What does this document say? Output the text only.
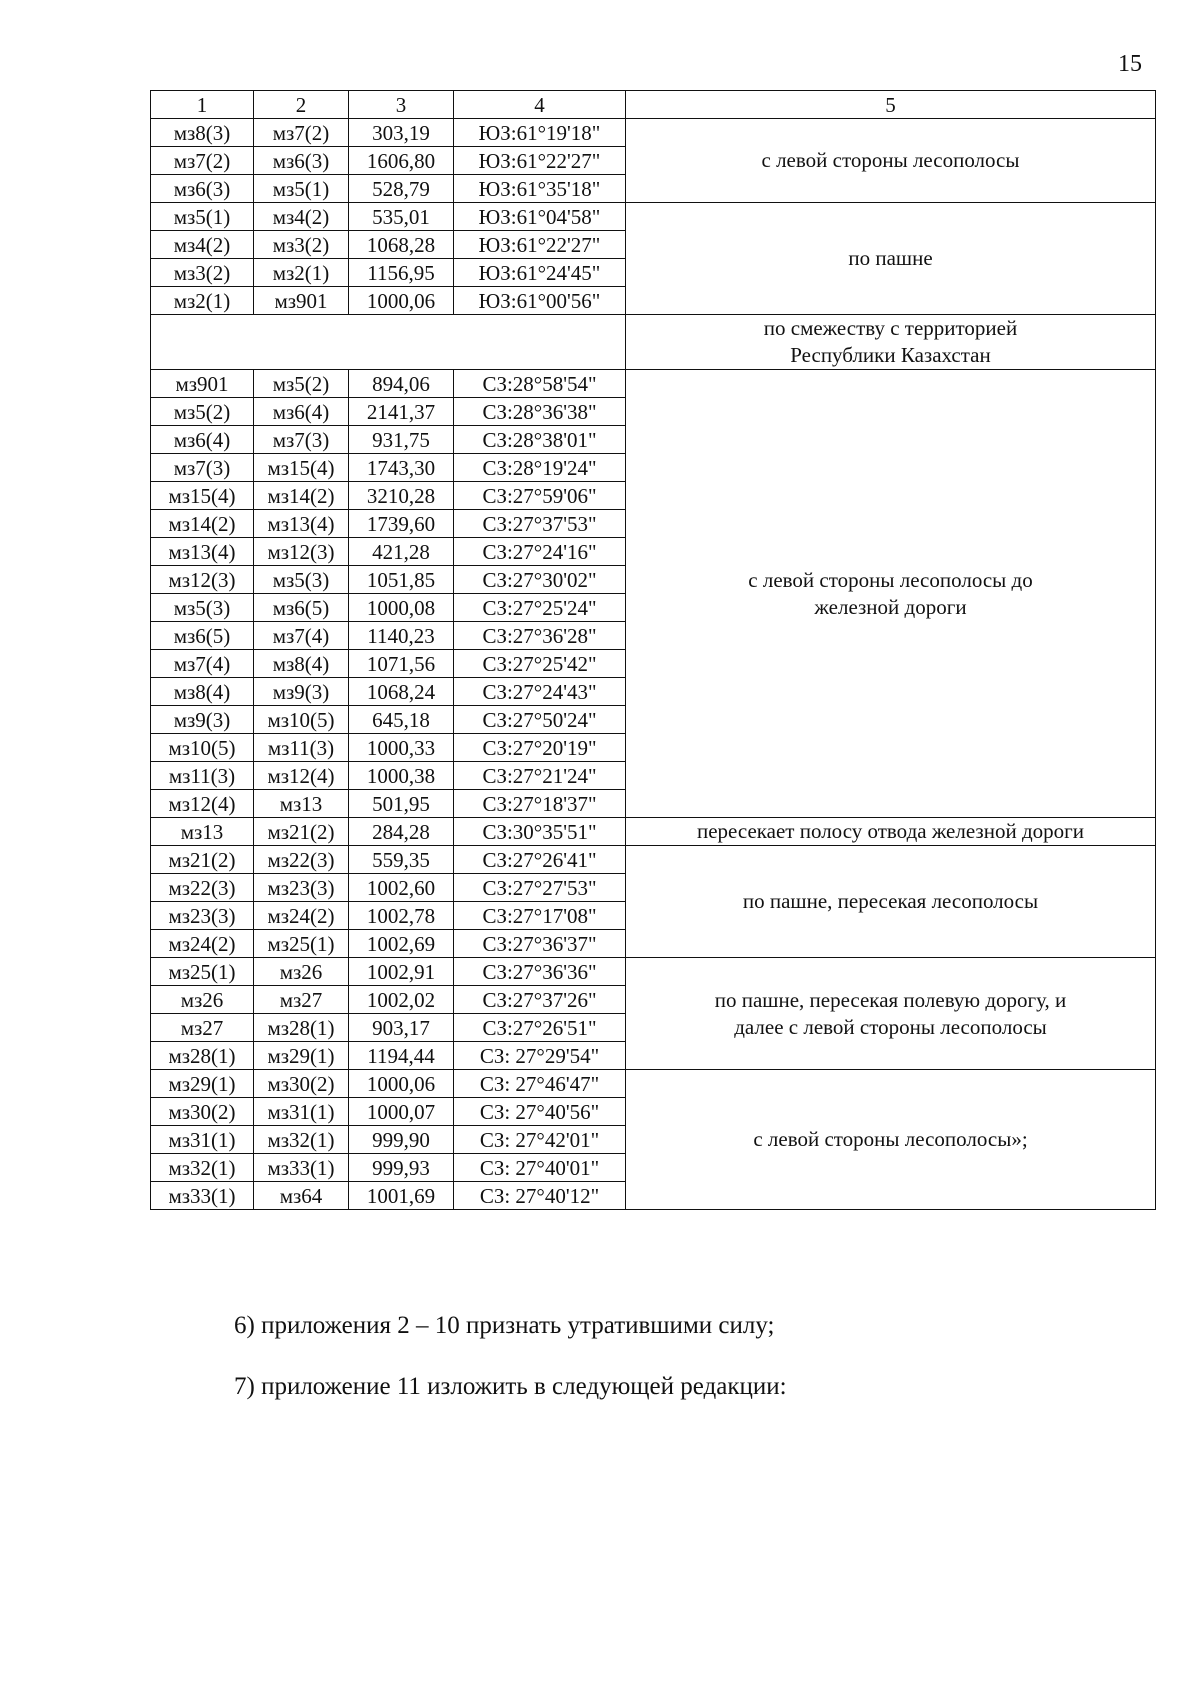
15
1	2	3	4	5
мз8(3)	мз7(2)	303,19	ЮЗ:61°19'18"	с левой стороны лесополосы

мз7(2)	мз6(3)	1606,80	ЮЗ:61°22'27"	
мз6(3)	мз5(1)	528,79	ЮЗ:61°35'18"	
мз5(1)	мз4(2)	535,01	ЮЗ:61°04'58"	по пашне

мз4(2)	мз3(2)	1068,28	ЮЗ:61°22'27"	
мз3(2)	мз2(1)	1156,95	ЮЗ:61°24'45"	
мз2(1)	мз901	1000,06	ЮЗ:61°00'56"	

				по смежеству с территорией
Республики Казахстан

мз901	мз5(2)	894,06	СЗ:28°58'54"	с левой стороны лесополосы до
железной дороги

мз5(2)	мз6(4)	2141,37	СЗ:28°36'38"	
мз6(4)	мз7(3)	931,75	СЗ:28°38'01"	
мз7(3)	мз15(4)	1743,30	СЗ:28°19'24"	
мз15(4)	мз14(2)	3210,28	СЗ:27°59'06"	
мз14(2)	мз13(4)	1739,60	СЗ:27°37'53"	
мз13(4)	мз12(3)	421,28	СЗ:27°24'16"	
мз12(3)	мз5(3)	1051,85	СЗ:27°30'02"	
мз5(3)	мз6(5)	1000,08	СЗ:27°25'24"	
мз6(5)	мз7(4)	1140,23	СЗ:27°36'28"	
мз7(4)	мз8(4)	1071,56	СЗ:27°25'42"	
мз8(4)	мз9(3)	1068,24	СЗ:27°24'43"	
мз9(3)	мз10(5)	645,18	СЗ:27°50'24"	
мз10(5)	мз11(3)	1000,33	СЗ:27°20'19"	
мз11(3)	мз12(4)	1000,38	СЗ:27°21'24"	
мз12(4)	мз13	501,95	СЗ:27°18'37"	
мз13	мз21(2)	284,28	СЗ:30°35'51"	пересекает полосу отвода железной дороги

мз21(2)	мз22(3)	559,35	СЗ:27°26'41"	по пашне, пересекая лесополосы

мз22(3)	мз23(3)	1002,60	СЗ:27°27'53"	
мз23(3)	мз24(2)	1002,78	СЗ:27°17'08"	
мз24(2)	мз25(1)	1002,69	СЗ:27°36'37"	
мз25(1)	мз26	1002,91	СЗ:27°36'36"	по пашне, пересекая полевую дорогу, и
далее с левой стороны лесополосы

мз26	мз27	1002,02	СЗ:27°37'26"	
мз27	мз28(1)	903,17	СЗ:27°26'51"	
мз28(1)	мз29(1)	1194,44	СЗ: 27°29'54"	
мз29(1)	мз30(2)	1000,06	СЗ: 27°46'47"	с левой стороны лесополосы»;

мз30(2)	мз31(1)	1000,07	СЗ: 27°40'56"	
мз31(1)	мз32(1)	999,90	СЗ: 27°42'01"	
мз32(1)	мз33(1)	999,93	СЗ: 27°40'01"	
мз33(1)	мз64	1001,69	СЗ: 27°40'12"	
6) приложения 2 – 10 признать утратившими силу;
7) приложение 11 изложить в следующей редакции:
